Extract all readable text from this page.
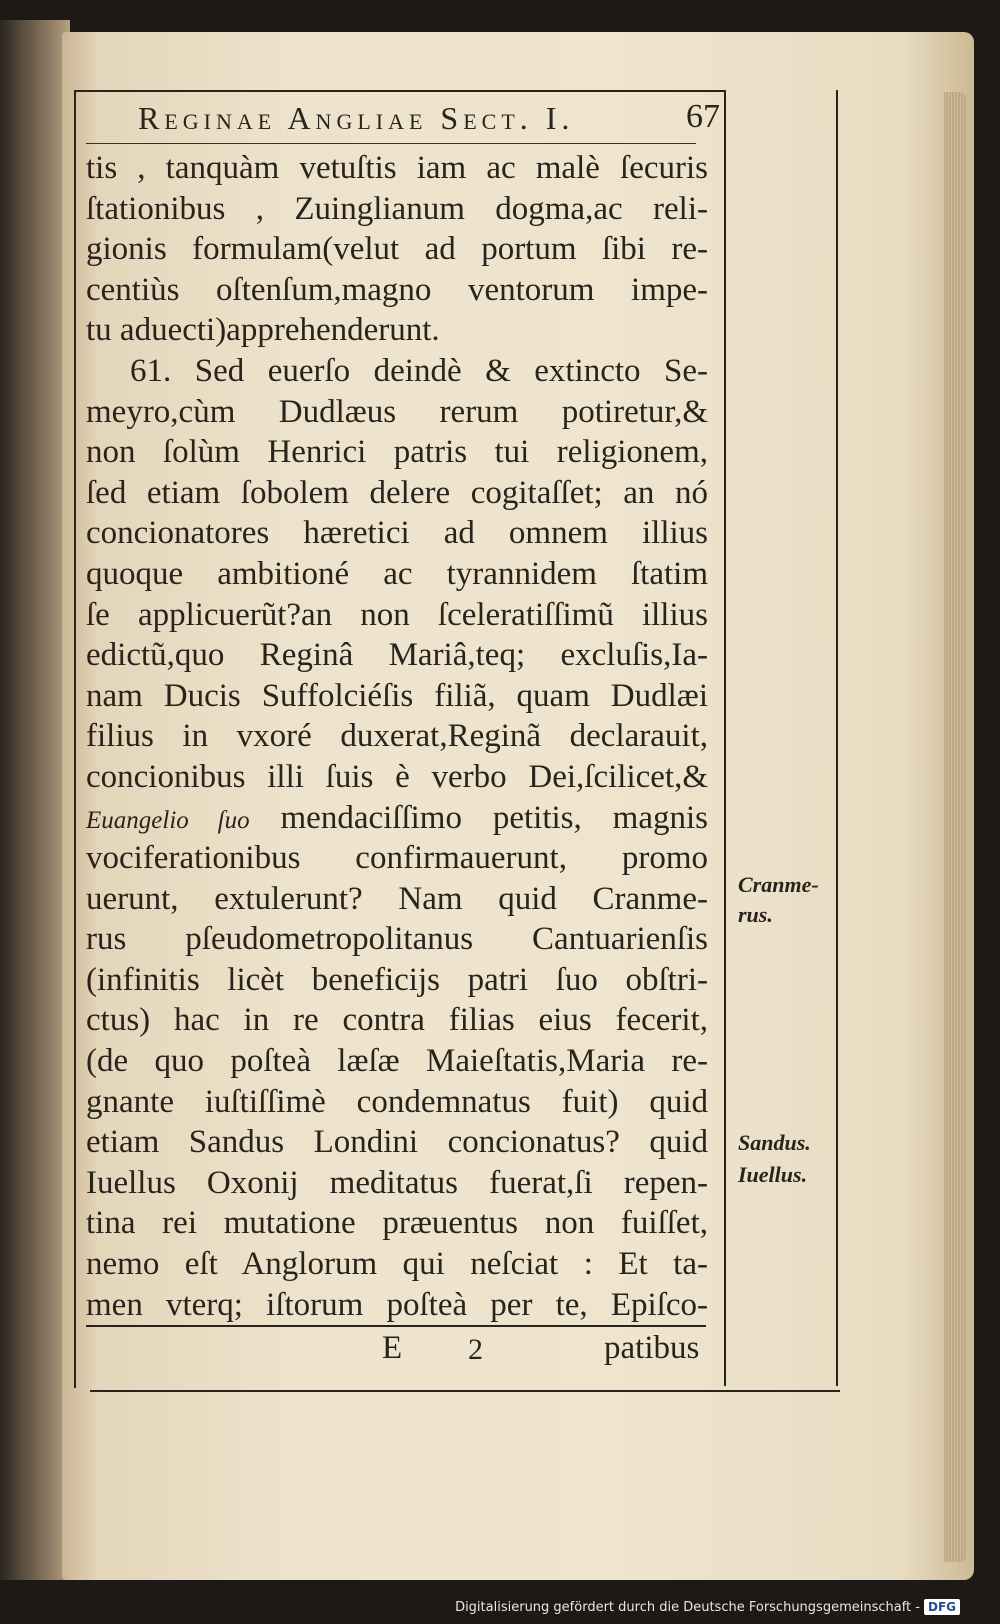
Reginae Angliae Sect. I.	67
tis , tanquàm vetuſtis iam ac malè ſecuris
ſtationibus , Zuinglianum dogma,ac reli-
gionis formulam(velut ad portum ſibi re-
centiùs oſtenſum,magno ventorum impe-
tu aduecti)apprehenderunt.
61. Sed euerſo deindè & extincto Se-
meyro,cùm Dudlæus rerum potiretur,&
non ſolùm Henrici patris tui religionem,
ſed etiam ſobolem delere cogitaſſet; an nó
concionatores hæretici ad omnem illius
quoque ambitioné ac tyrannidem ſtatim
ſe applicuerũt?an non ſceleratiſſimũ illius
edictũ,quo Reginâ Mariâ,teq; excluſis,Ia-
nam Ducis Suffolciéſis filiã, quam Dudlæi
filius in vxoré duxerat,Reginã declarauit,
concionibus illi ſuis è verbo Dei,ſcilicet,&
Euangelio ſuo mendaciſſimo petitis, magnis
vociferationibus confirmauerunt, promo
uerunt, extulerunt? Nam quid Cranme-
rus pſeudometropolitanus Cantuarienſis
(infinitis licèt beneficijs patri ſuo obſtri-
ctus) hac in re contra filias eius fecerit,
(de quo poſteà læſæ Maieſtatis,Maria re-
gnante iuſtiſſimè condemnatus fuit) quid
etiam Sandus Londini concionatus? quid
Iuellus Oxonij meditatus fuerat,ſi repen-
tina rei mutatione præuentus non fuiſſet,
nemo eſt Anglorum qui neſciat : Et ta-
men vterq; iſtorum poſteà per te, Epiſco-
Cranme-
rus.
Sandus.
Iuellus.
E 2	patibus
Digitalisierung gefördert durch die Deutsche Forschungsgemeinschaft - DFG
